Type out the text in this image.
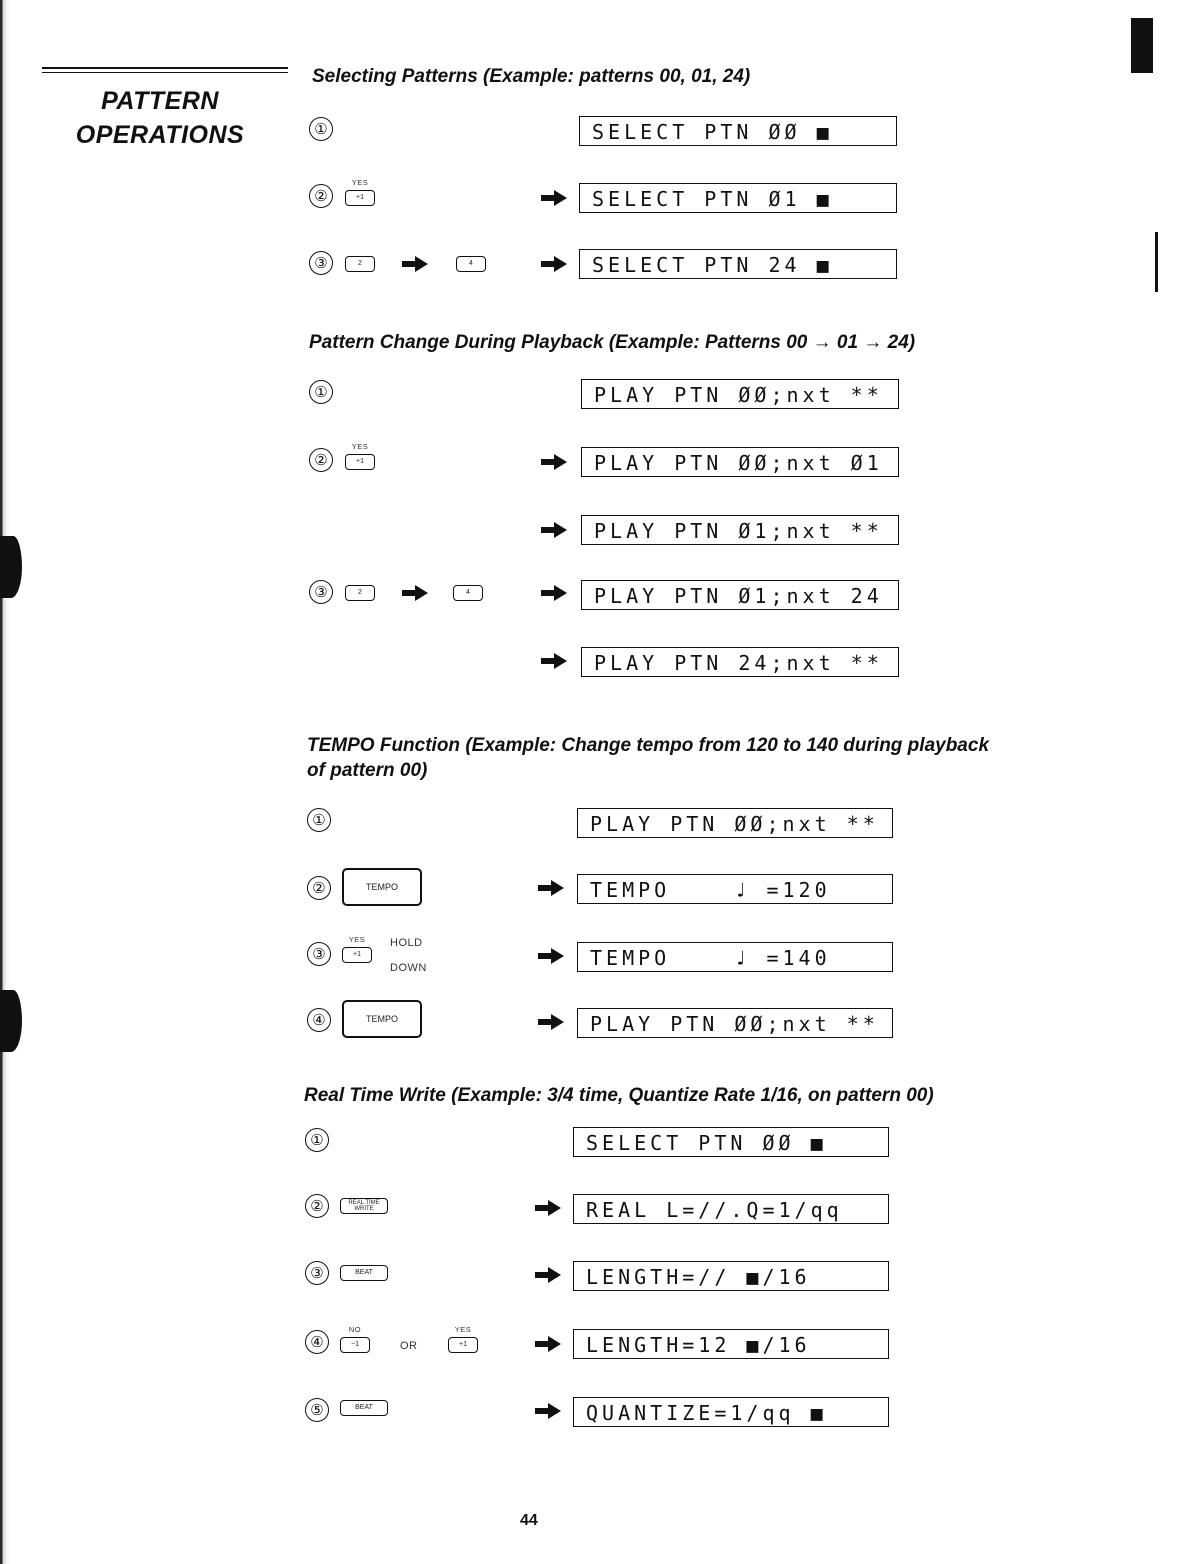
PATTERN
OPERATIONS
Selecting Patterns (Example: patterns 00, 01, 24)
①	SELECT PTN ØØ ■
②
YES
+1	SELECT PTN Ø1 ■
③	2	4	SELECT PTN 24 ■
Pattern Change During Playback (Example: Patterns 00 → 01 → 24)
①	PLAY PTN ØØ;nxt **
②
YES
+1	PLAY PTN ØØ;nxt Ø1
PLAY PTN Ø1;nxt **
③	2	4	PLAY PTN Ø1;nxt 24
PLAY PTN 24;nxt **
TEMPO Function (Example: Change tempo from 120 to 140 during playback
of pattern 00)
①	PLAY PTN ØØ;nxt **
②	TEMPO	TEMPO    ♩ =120
③
YES
+1
HOLD
DOWN	TEMPO    ♩ =140
④	TEMPO	PLAY PTN ØØ;nxt **
Real Time Write (Example: 3/4 time, Quantize Rate 1/16, on pattern 00)
①	SELECT PTN ØØ ■
②	REAL TIME WRITE	REAL L=//.Q=1/qq
③	BEAT	LENGTH=// ■/16
④
NO
−1	OR
YES
+1	LENGTH=12 ■/16
⑤	BEAT	QUANTIZE=1/qq ■
44
